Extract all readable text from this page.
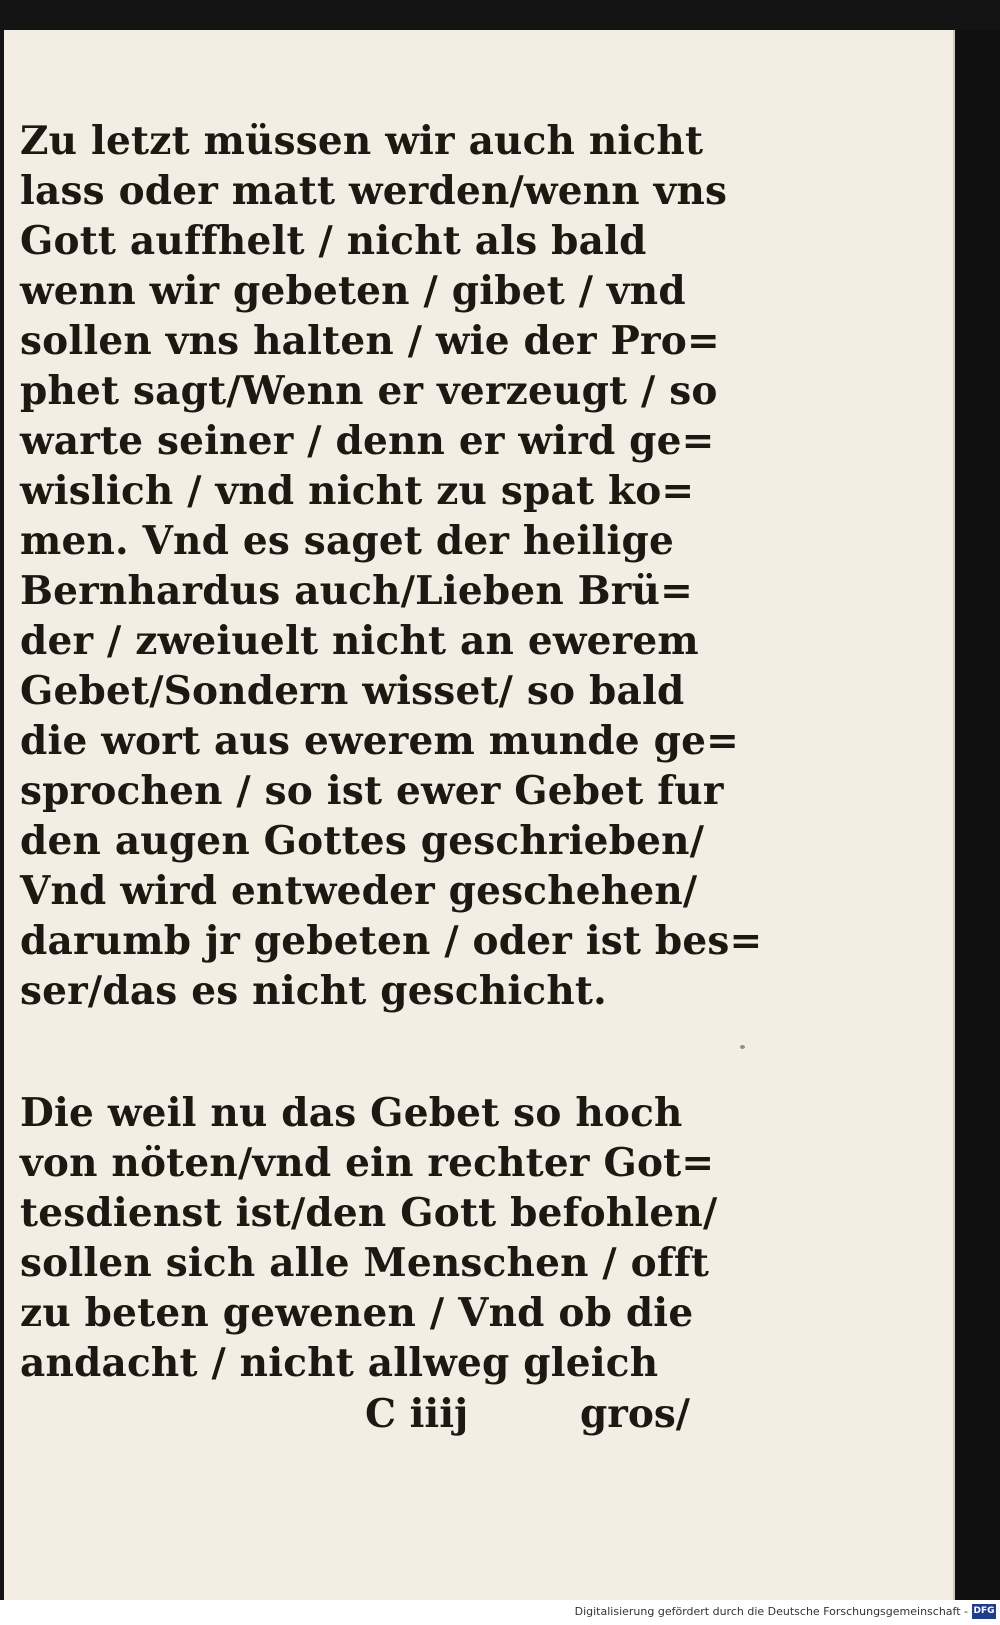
Zu letzt müssen wir auch nicht
lass oder matt werden/wenn vns
Gott auffhelt / nicht als bald
wenn wir gebeten / gibet / vnd
sollen vns halten / wie der Pro=
phet sagt/Wenn er verzeugt / so
warte seiner / denn er wird ge=
wislich / vnd nicht zu spat ko=
men. Vnd es saget der heilige
Bernhardus auch/Lieben Brü=
der / zweiuelt nicht an ewerem
Gebet/Sondern wisset/ so bald
die wort aus ewerem munde ge=
sprochen / so ist ewer Gebet fur
den augen Gottes geschrieben/
Vnd wird entweder geschehen/
darumb jr gebeten / oder ist bes=
ser/das es nicht geschicht.
Die weil nu das Gebet so hoch
von nöten/vnd ein rechter Got=
tesdienst ist/den Gott befohlen/
sollen sich alle Menschen / offt
zu beten gewenen / Vnd ob die
andacht / nicht allweg gleich
C iiij	gros/
Digitalisierung gefördert durch die Deutsche Forschungsgemeinschaft - DFG
